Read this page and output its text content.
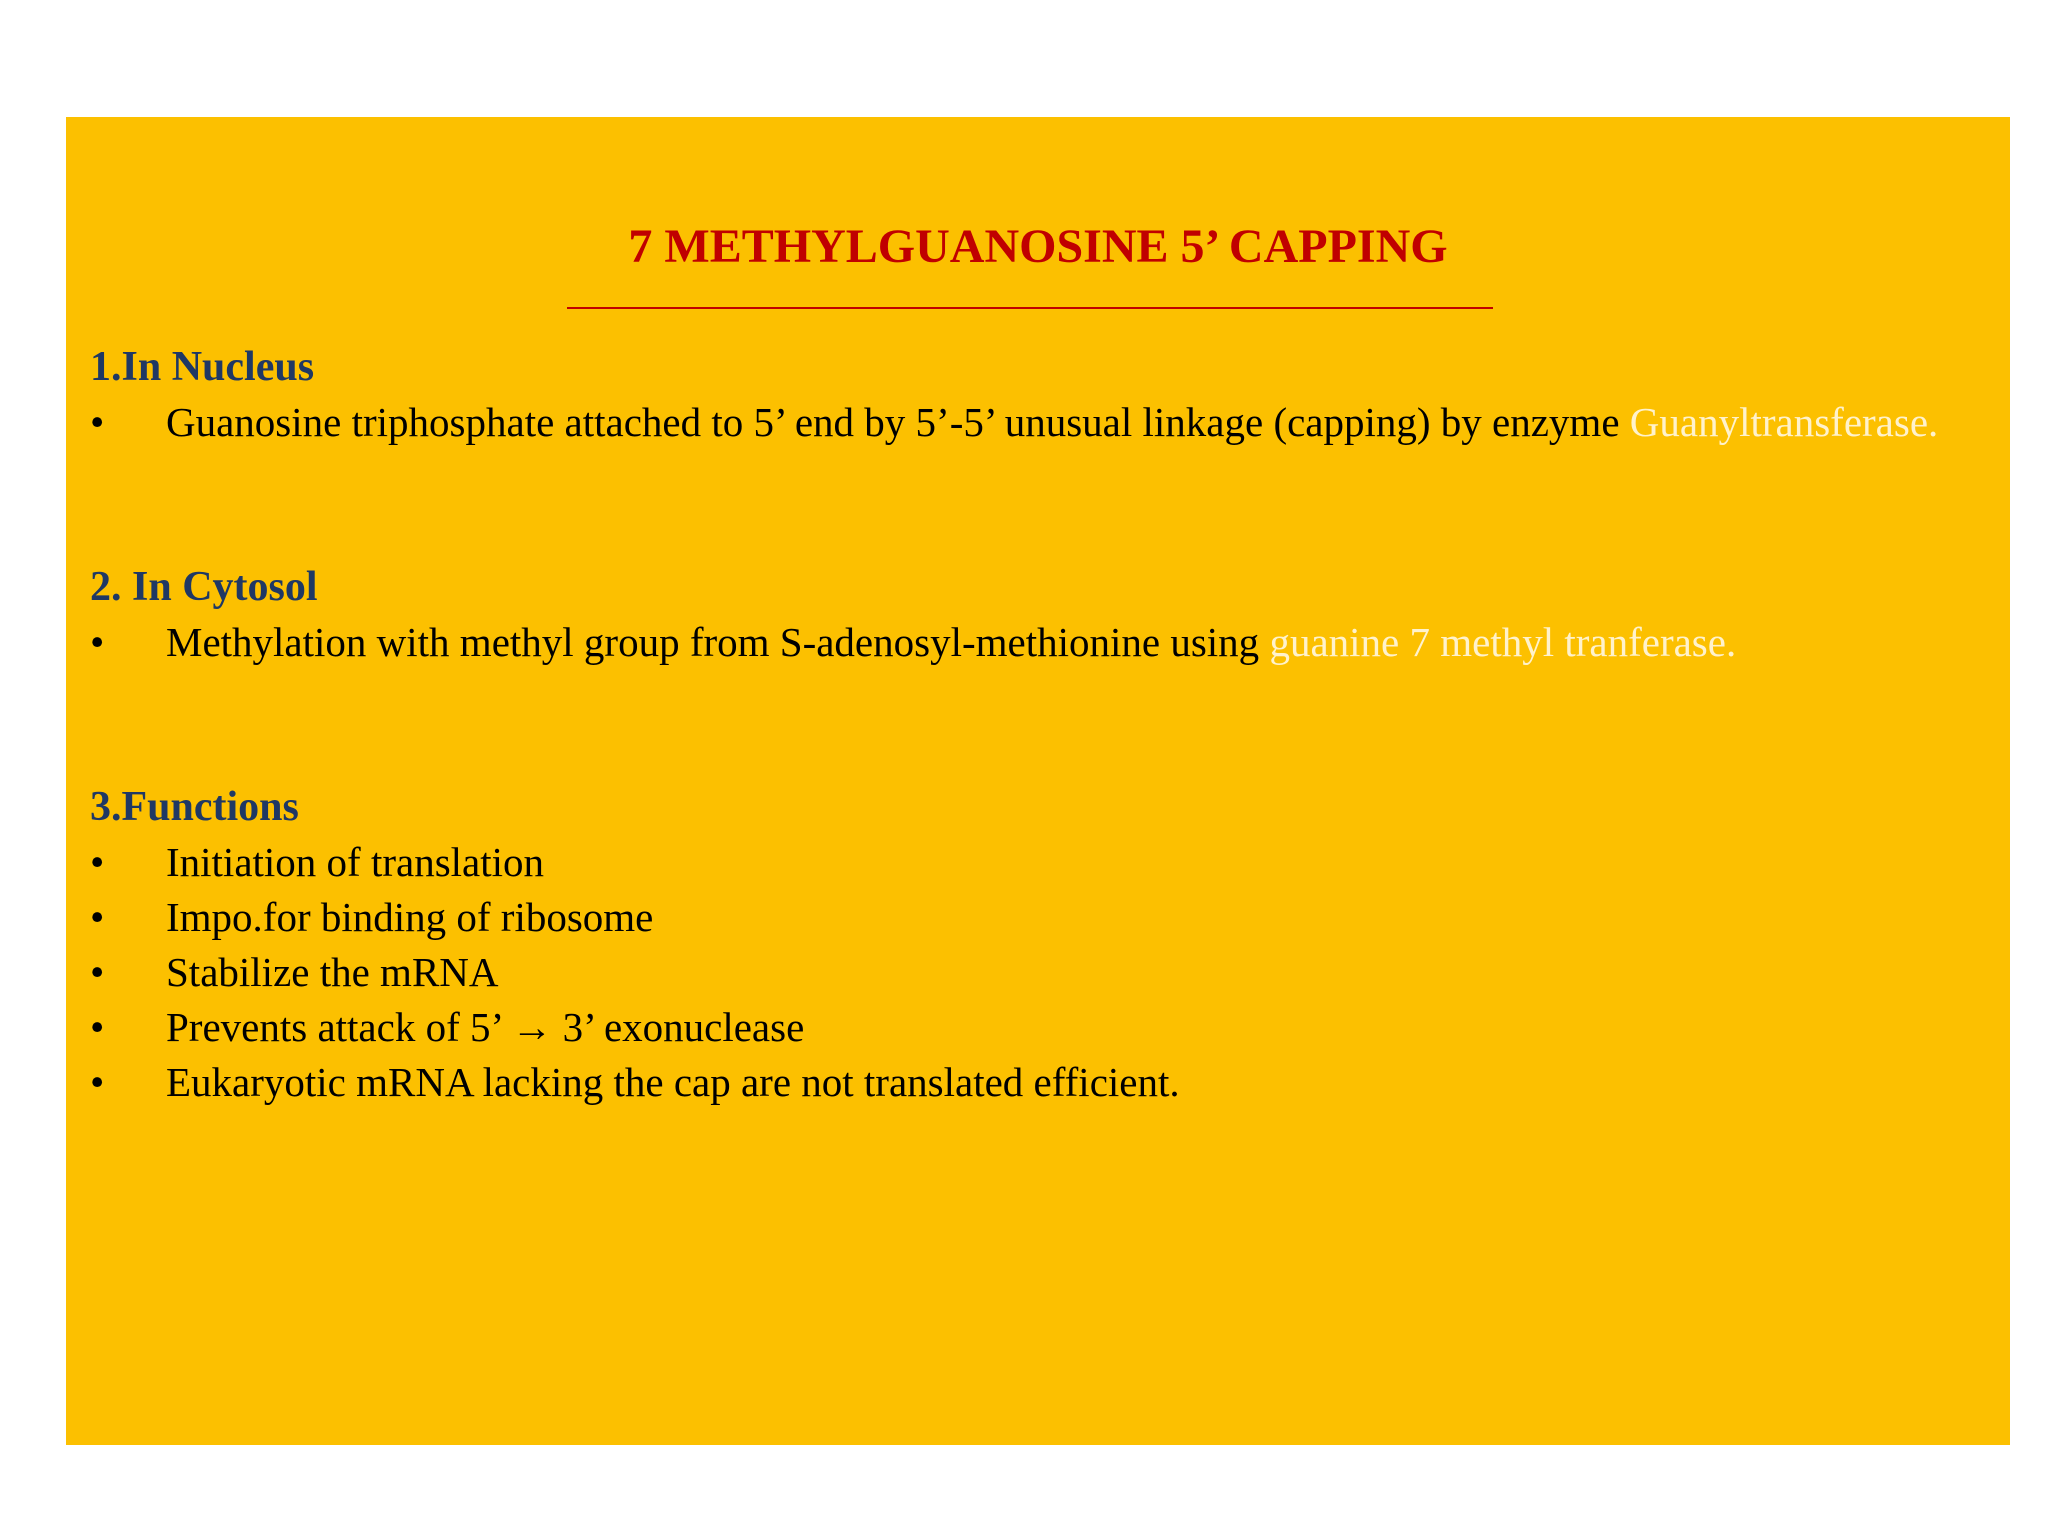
7 METHYLGUANOSINE 5’ CAPPING
1.In Nucleus
•	Guanosine triphosphate attached to 5’ end by 5’-5’ unusual linkage (capping) by enzyme Guanyltransferase.
2. In Cytosol
•	Methylation with methyl group from S-adenosyl-methionine using guanine 7 methyl tranferase.
3.Functions
•	Initiation of translation
•	Impo.for binding of ribosome
•	Stabilize the mRNA
•	Prevents attack of 5’ → 3’ exonuclease
•	Eukaryotic mRNA lacking the cap are not translated efficient.
